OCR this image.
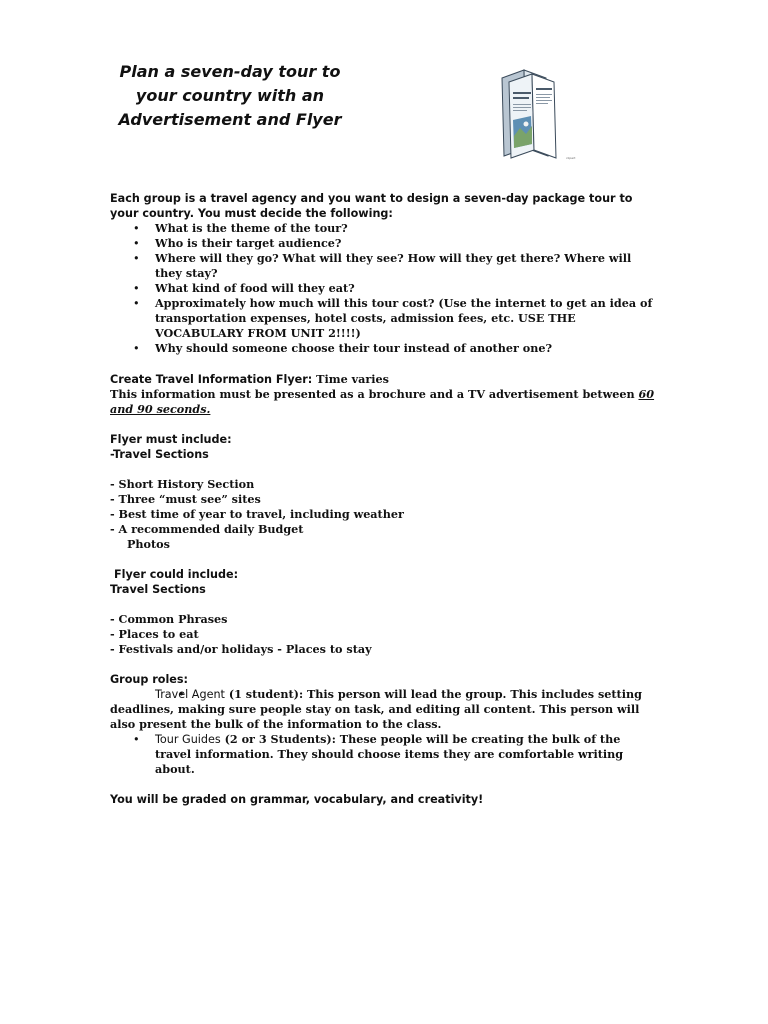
Plan a seven-day tour to
your country with an
Advertisement and Flyer
clipart
Each group is a travel agency and you want to design a seven-day package tour to
your country. You must decide the following:
• What is the theme of the tour?
• Who is their target audience?
• Where will they go? What will they see? How will they get there? Where will they stay?
• What kind of food will they eat?
• Approximately how much will this tour cost? (Use the internet to get an idea of transportation expenses, hotel costs, admission fees, etc. USE THE VOCABULARY FROM UNIT 2!!!!)
• Why should someone choose their tour instead of another one?
Create Travel Information Flyer: Time varies
This information must be presented as a brochure and a TV advertisement between 60 and 90 seconds.
Flyer must include:
-Travel Sections
- Short History Section
- Three “must see” sites
- Best time of year to travel, including weather
- A recommended daily Budget
Photos
Flyer could include:
Travel Sections
- Common Phrases
- Places to eat
- Festivals and/or holidays - Places to stay
Group roles:
• Travel Agent (1 student): This person will lead the group. This includes setting deadlines, making sure people stay on task, and editing all content. This person will also present the bulk of the information to the class.
• Tour Guides (2 or 3 Students): These people will be creating the bulk of the travel information. They should choose items they are comfortable writing about.
You will be graded on grammar, vocabulary, and creativity!
